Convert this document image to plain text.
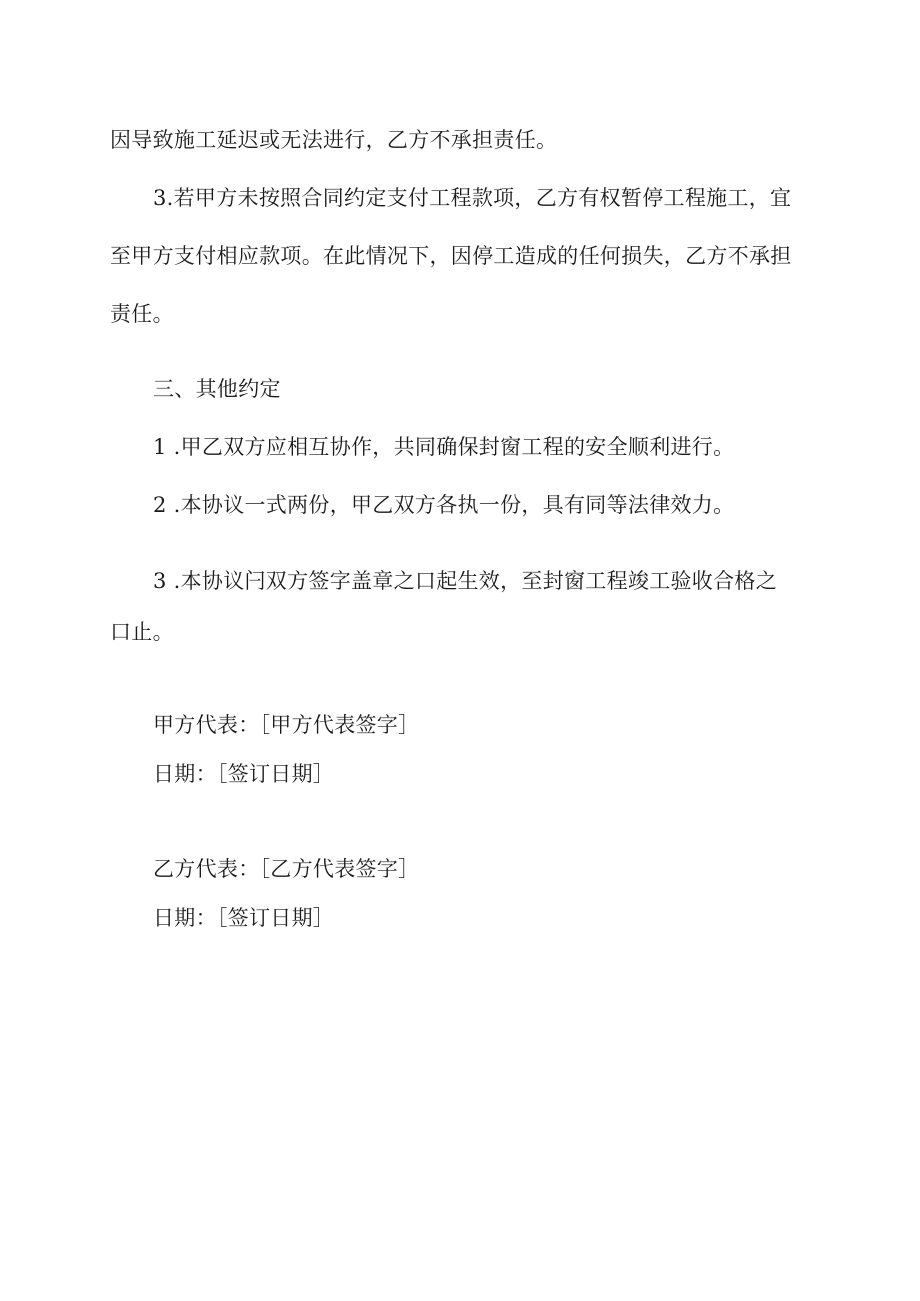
因导致施工延迟或无法进行，乙方不承担责任。
3.若甲方未按照合同约定支付工程款项，乙方有权暂停工程施工，宜
至甲方支付相应款项。在此情况下，因停工造成的任何损失，乙方不承担
责任。
三、其他约定
1 .甲乙双方应相互协作，共同确保封窗工程的安全顺利进行。
2 .本协议一式两份，甲乙双方各执一份，具有同等法律效力。
3 .本协议闩双方签字盖章之口起生效，至封窗工程竣工验收合格之
口止。
甲方代表：［甲方代表签字］
日期：［签订日期］
乙方代表：［乙方代表签字］
日期：［签订日期］
